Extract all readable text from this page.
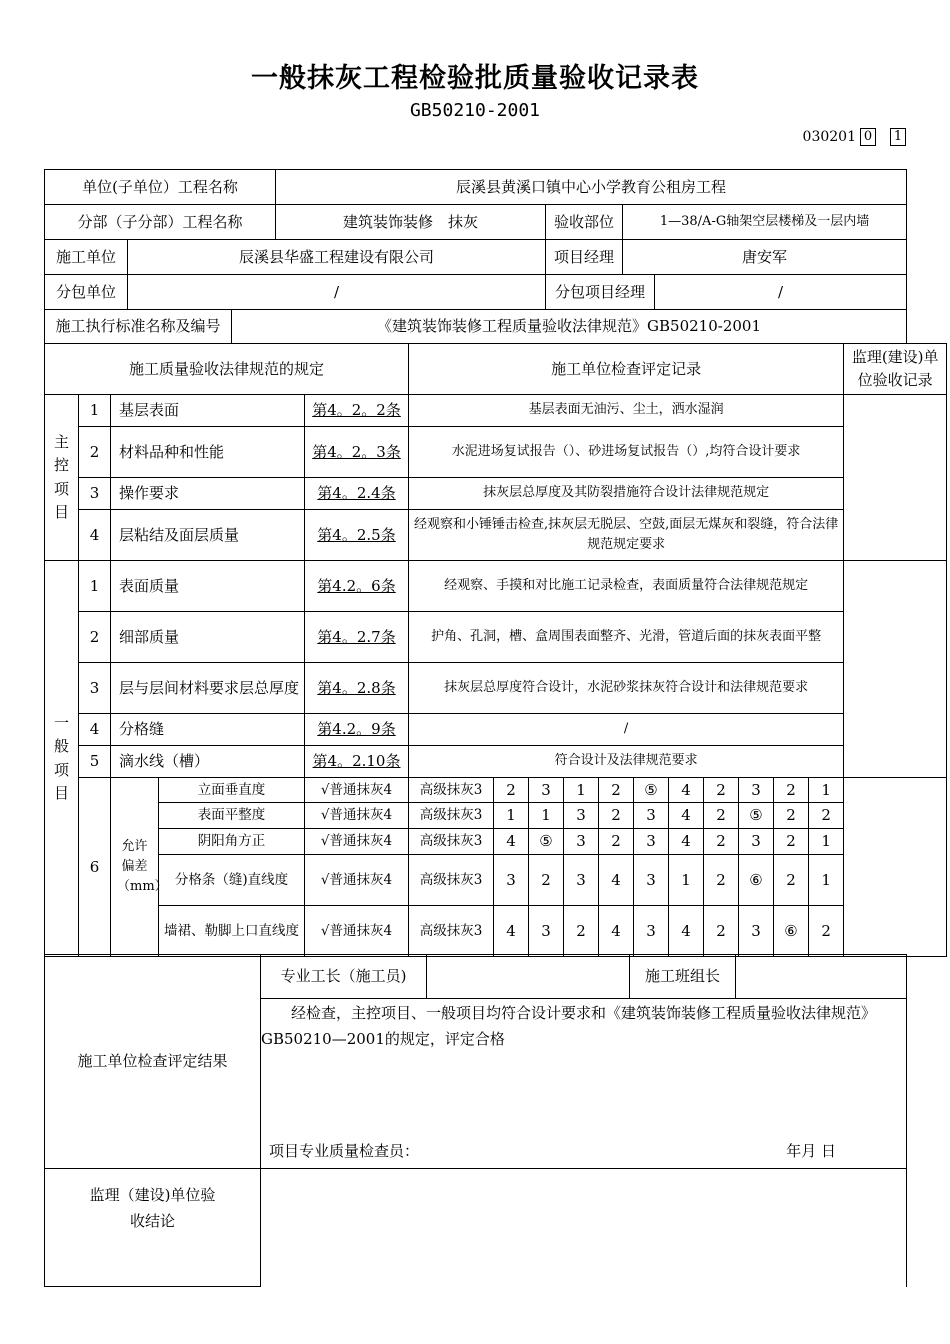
一般抹灰工程检验批质量验收记录表
GB50210-2001
030201 0 1
单位(子单位）工程名称			辰溪县黄溪口镇中心小学教育公租房工程			
分部（子分部）工程名称			建筑装饰装修　抹灰	验收部位	1—38/A-G轴架空层楼梯及一层内墙	
施工单位	辰溪县华盛工程建设有限公司			项目经理	唐安军	
分包单位	/			分包项目经理		/
施工执行标准名称及编号		《建筑装饰装修工程质量验收法律规范》GB50210-2001				
施工质量验收法律规范的规定					施工单位检查评定记录											监理(建设)单位验收记录
主控项目	1	基层表面		第4。2。2条	基层表面无油污、尘土，洒水湿润											
	2	材料品种和性能		第4。2。3条	水泥进场复试报告（）、砂进场复试报告（）,均符合设计要求											
	3	操作要求		第4。2.4条	抹灰层总厚度及其防裂措施符合设计法律规范规定											
	4	层粘结及面层质量		第4。2.5条	经观察和小锤锤击检查,抹灰层无脱层、空鼓,面层无煤灰和裂缝，符合法律规范规定要求											
一般项目	1	表面质量		第4.2。6条	经观察、手摸和对比施工记录检查，表面质量符合法律规范规定											
	2	细部质量		第4。2.7条	护角、孔洞，槽、盒周围表面整齐、光滑，管道后面的抹灰表面平整											
	3	层与层间材料要求层总厚度		第4。2.8条	抹灰层总厚度符合设计，水泥砂浆抹灰符合设计和法律规范要求											
	4	分格缝		第4.2。9条	/											
	5	滴水线（槽）		第4。2.10条	符合设计及法律规范要求											
	6	允许偏差（mm）	立面垂直度	√普通抹灰4	高级抹灰3	2	3	1	2	⑤	4	2	3	2	1	
			表面平整度	√普通抹灰4	高级抹灰3	1	1	3	2	3	4	2	⑤	2	2	
			阴阳角方正	√普通抹灰4	高级抹灰3	4	⑤	3	2	3	4	2	3	2	1	
			分格条（缝)直线度	√普通抹灰4	高级抹灰3	3	2	3	4	3	1	2	⑥	2	1	
			墙裙、勒脚上口直线度	√普通抹灰4	高级抹灰3	4	3	2	4	3	4	2	3	⑥	2	
施工单位检查评定结果	专业工长（施工员)		施工班组长	

	经检查，主控项目、一般项目均符合设计要求和《建筑装饰装修工程质量验收法律规范》GB50210—2001的规定，评定合格
项目专业质量检查员： 年月 日			

监理（建设)单位验收结论				
